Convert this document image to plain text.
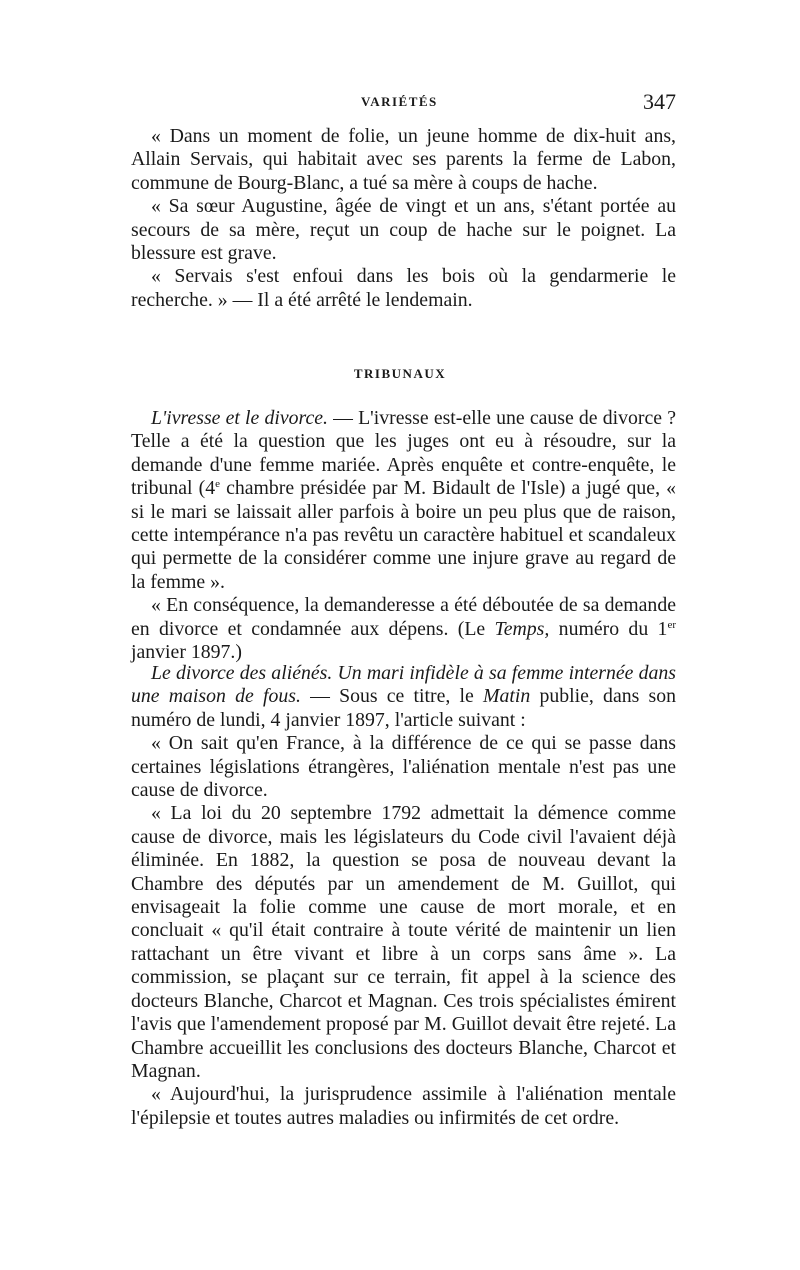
VARIÉTÉS	347

« Dans un moment de folie, un jeune homme de dix-huit ans, Allain Servais, qui habitait avec ses parents la ferme de Labon, commune de Bourg-Blanc, a tué sa mère à coups de hache.

« Sa sœur Augustine, âgée de vingt et un ans, s'étant portée au secours de sa mère, reçut un coup de hache sur le poignet. La blessure est grave.

« Servais s'est enfoui dans les bois où la gendarmerie le recherche. » — Il a été arrêté le lendemain.

TRIBUNAUX

L'ivresse et le divorce. — L'ivresse est-elle une cause de divorce ? Telle a été la question que les juges ont eu à résoudre, sur la demande d'une femme mariée. Après enquête et contre-enquête, le tribunal (4e chambre présidée par M. Bidault de l'Isle) a jugé que, « si le mari se laissait aller parfois à boire un peu plus que de raison, cette intempérance n'a pas revêtu un caractère habituel et scandaleux qui permette de la considérer comme une injure grave au regard de la femme ».

« En conséquence, la demanderesse a été déboutée de sa demande en divorce et condamnée aux dépens. (Le Temps, numéro du 1er janvier 1897.)

Le divorce des aliénés. Un mari infidèle à sa femme internée dans une maison de fous. — Sous ce titre, le Matin publie, dans son numéro de lundi, 4 janvier 1897, l'article suivant :

« On sait qu'en France, à la différence de ce qui se passe dans certaines législations étrangères, l'aliénation mentale n'est pas une cause de divorce.

« La loi du 20 septembre 1792 admettait la démence comme cause de divorce, mais les législateurs du Code civil l'avaient déjà éliminée. En 1882, la question se posa de nouveau devant la Chambre des députés par un amendement de M. Guillot, qui envisageait la folie comme une cause de mort morale, et en concluait « qu'il était contraire à toute vérité de maintenir un lien rattachant un être vivant et libre à un corps sans âme ». La commission, se plaçant sur ce terrain, fit appel à la science des docteurs Blanche, Charcot et Magnan. Ces trois spécialistes émirent l'avis que l'amendement proposé par M. Guillot devait être rejeté. La Chambre accueillit les conclusions des docteurs Blanche, Charcot et Magnan.

« Aujourd'hui, la jurisprudence assimile à l'aliénation mentale l'épilepsie et toutes autres maladies ou infirmités de cet ordre.
